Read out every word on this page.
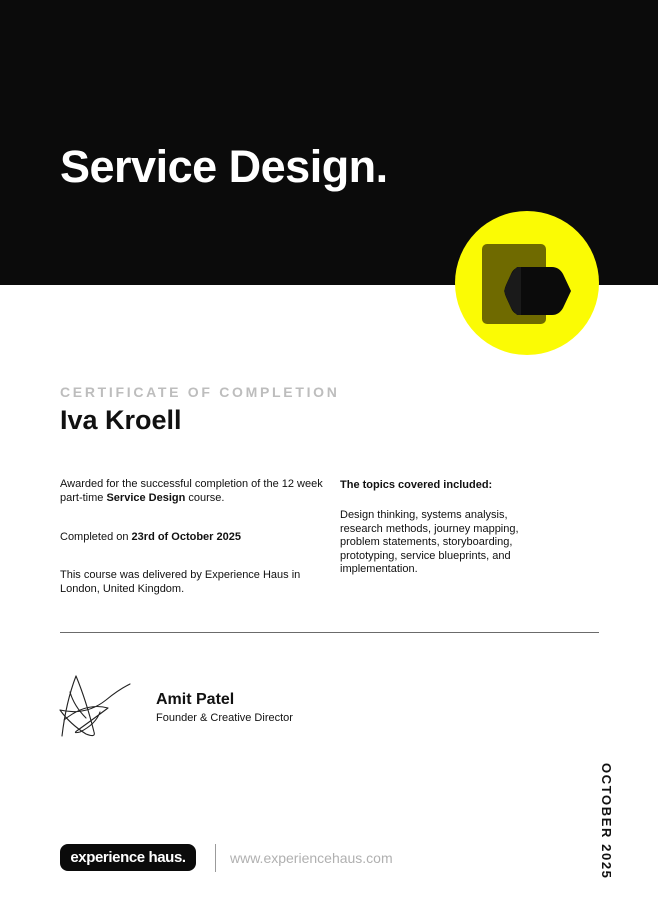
Service Design.
CERTIFICATE OF COMPLETION
Iva Kroell
Awarded for the successful completion of the 12 week part-time Service Design course.
Completed on 23rd of October 2025
This course was delivered by Experience Haus in London, United Kingdom.
The topics covered included:
Design thinking, systems analysis, research methods, journey mapping, problem statements, storyboarding, prototyping, service blueprints, and implementation.
Amit Patel
Founder & Creative Director
OCTOBER 2025
experience haus.	www.experiencehaus.com
